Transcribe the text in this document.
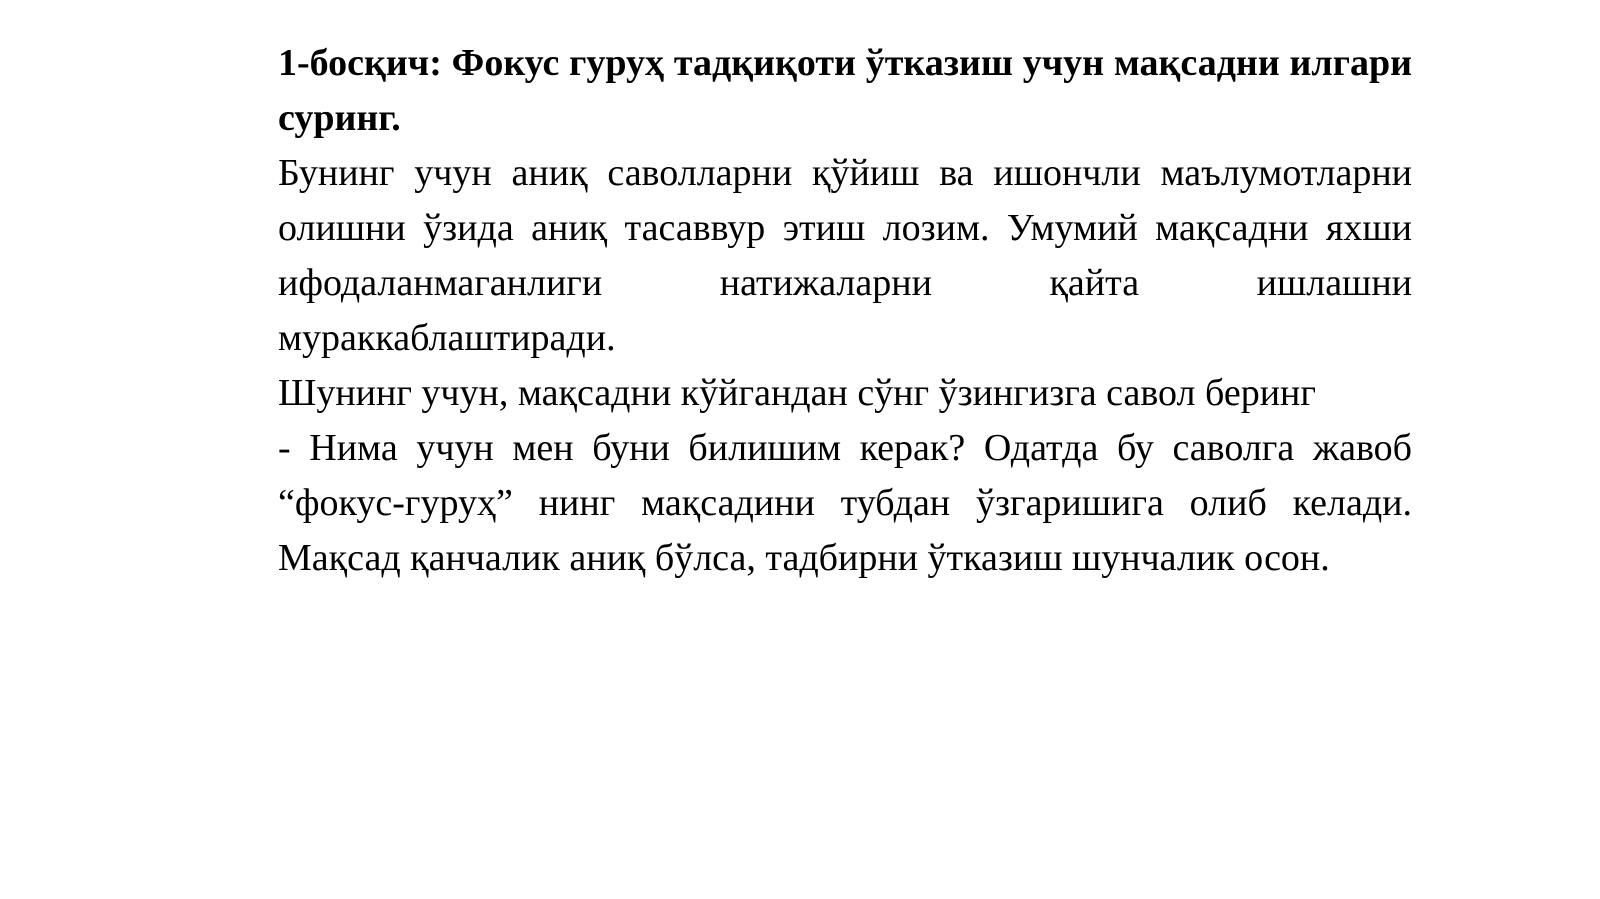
1-босқич: Фокус гуруҳ тадқиқоти ўтказиш учун мақсадни илгари суринг.

Бунинг учун аниқ саволларни қўйиш ва ишончли маълумотларни олишни ўзида аниқ тасаввур этиш лозим. Умумий мақсадни яхши ифодаланмаганлиги натижаларни қайта ишлашни мураккаблаштиради.

Шунинг учун, мақсадни кўйгандан сўнг ўзингизга савол беринг

- Нима учун мен буни билишим керак? Одатда бу саволга жавоб “фокус-гуруҳ” нинг мақсадини тубдан ўзгаришига олиб келади. Мақсад қанчалик аниқ бўлса, тадбирни ўтказиш шунчалик осон.
